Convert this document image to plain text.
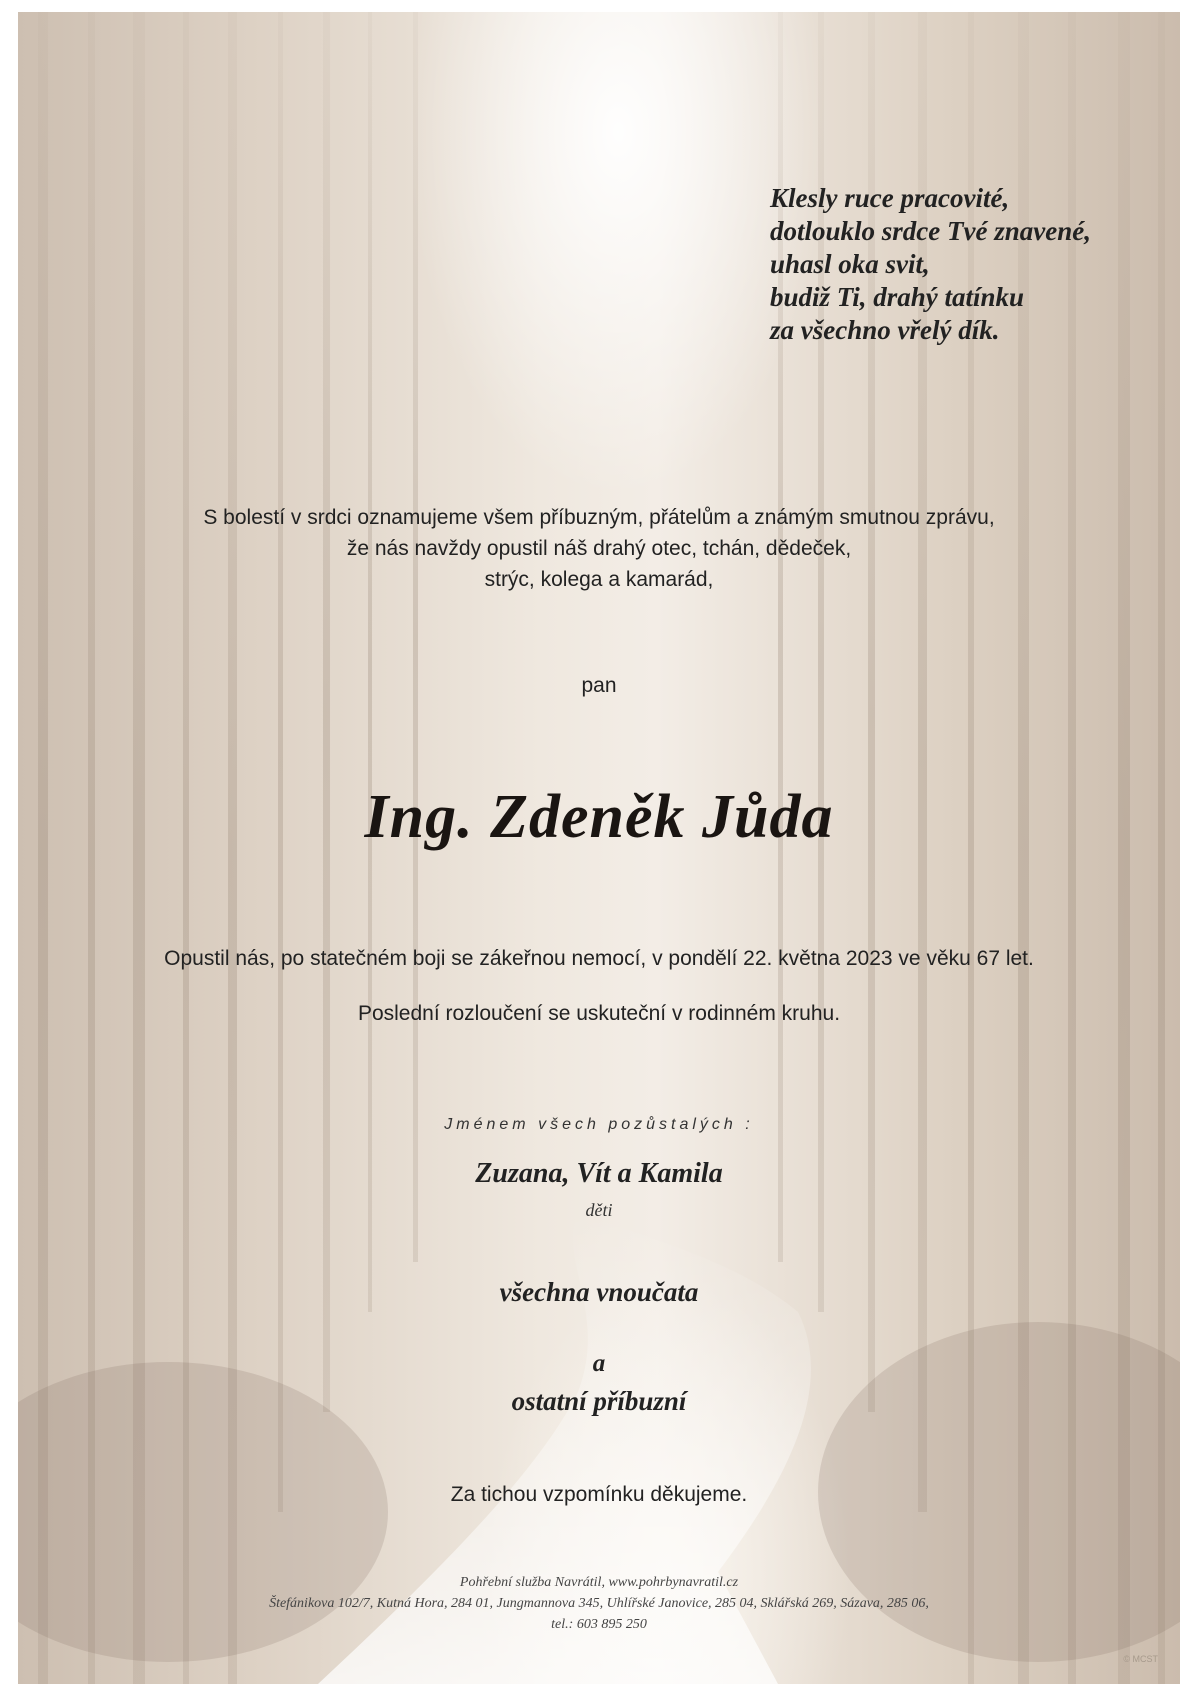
Klesly ruce pracovité,
dotlouklo srdce Tvé znavené,
uhasl oka svit,
budiž Ti, drahý tatínku
za všechno vřelý dík.
S bolestí v srdci oznamujeme všem příbuzným, přátelům a známým smutnou zprávu,
že nás navždy opustil náš drahý otec, tchán, dědeček,
strýc, kolega a kamarád,
pan
Ing. Zdeněk Jůda
Opustil nás, po statečném boji se zákeřnou nemocí, v pondělí 22. května 2023 ve věku 67 let.
Poslední rozloučení se uskuteční v rodinném kruhu.
Jménem všech pozůstalých :
Zuzana, Vít a Kamila
děti
všechna vnoučata
a
ostatní příbuzní
Za tichou vzpomínku děkujeme.
Pohřební služba Navrátil, www.pohrbynavratil.cz
Štefánikova 102/7, Kutná Hora, 284 01, Jungmannova 345, Uhlířské Janovice, 285 04, Sklářská 269, Sázava, 285 06,
tel.: 603 895 250
© MCST
